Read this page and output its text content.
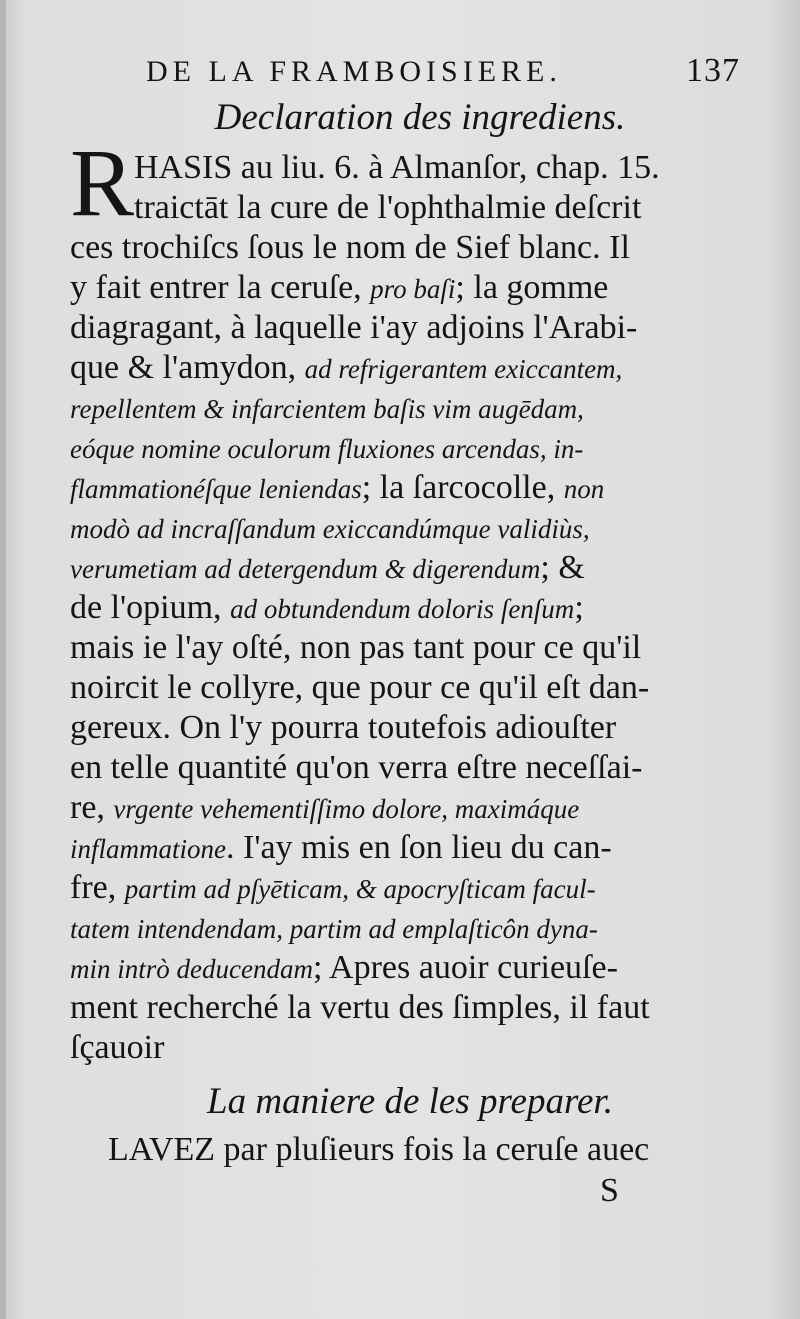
DE LA FRAMBOISIERE.	137
Declaration des ingrediens.
R HASIS au liu. 6. à Almanſor, chap. 15.
traictāt la cure de l'ophthalmie deſcrit
ces trochiſcs ſous le nom de Sief blanc. Il
y fait entrer la ceruſe, pro baſi; la gomme
diagragant, à laquelle i'ay adjoins l'Arabi-
que & l'amydon, ad refrigerantem exiccantem,
repellentem & infarcientem baſis vim augēdam,
eóque nomine oculorum fluxiones arcendas, in-
flammationéſque leniendas; la ſarcocolle, non
modò ad incraſſandum exiccandúmque validiùs,
verumetiam ad detergendum & digerendum; &
de l'opium, ad obtundendum doloris ſenſum;
mais ie l'ay oſté, non pas tant pour ce qu'il
noircit le collyre, que pour ce qu'il eſt dan-
gereux. On l'y pourra toutefois adiouſter
en telle quantité qu'on verra eſtre neceſſai-
re, vrgente vehementiſſimo dolore, maximáque
inflammatione. I'ay mis en ſon lieu du can-
fre, partim ad pſyēticam, & apocryſticam facul-
tatem intendendam, partim ad emplaſticôn dyna-
min intrò deducendam; Apres auoir curieuſe-
ment recherché la vertu des ſimples, il faut
ſçauoir
La maniere de les preparer.
LAVEZ par pluſieurs fois la ceruſe auec
S
